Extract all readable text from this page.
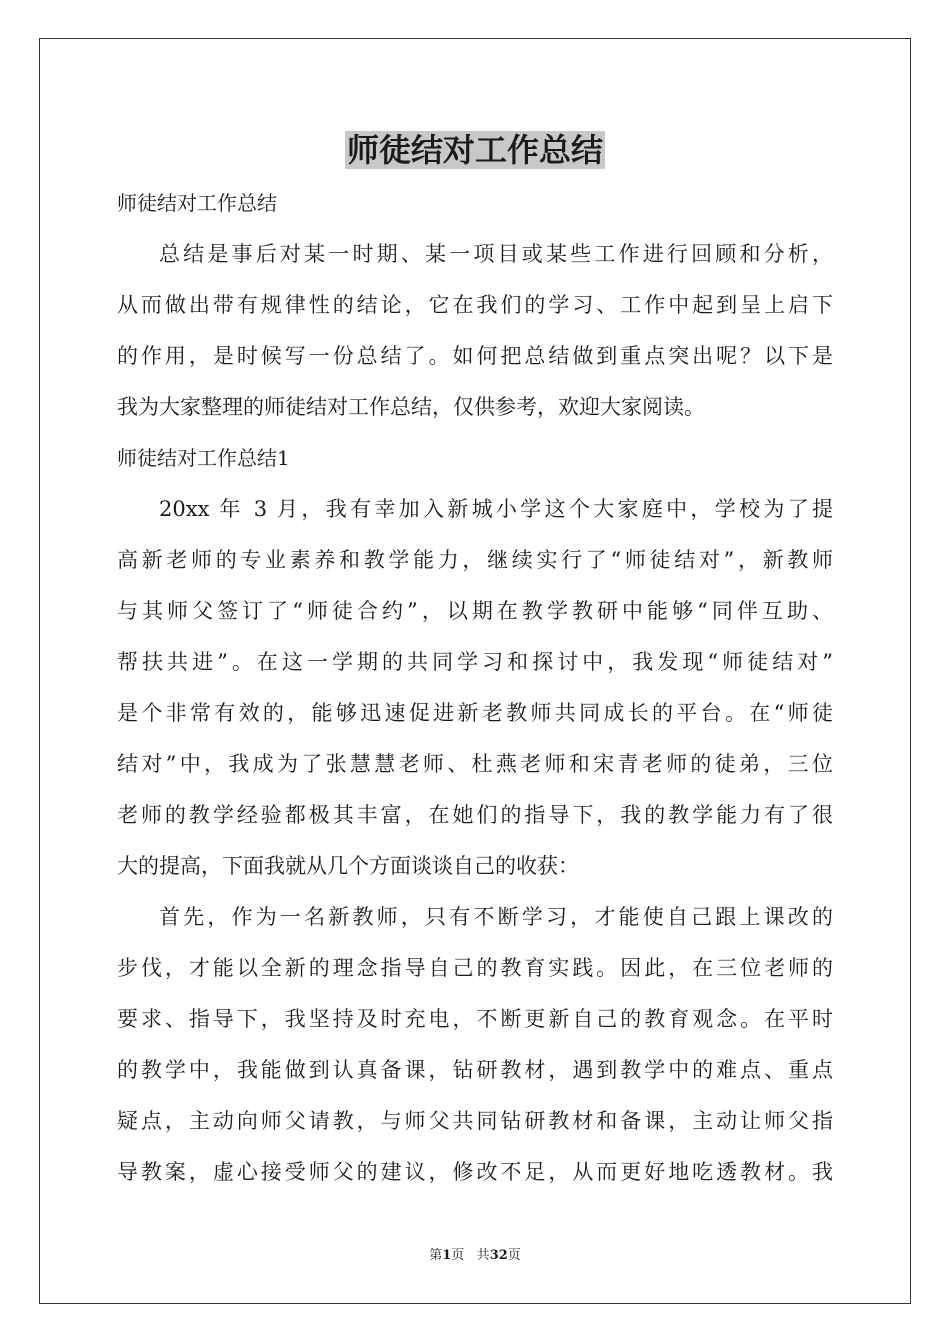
师徒结对工作总结
师徒结对工作总结
总结是事后对某一时期、某一项目或某些工作进行回顾和分析，
从而做出带有规律性的结论，它在我们的学习、工作中起到呈上启下
的作用，是时候写一份总结了。如何把总结做到重点突出呢？以下是
我为大家整理的师徒结对工作总结，仅供参考，欢迎大家阅读。
师徒结对工作总结1
20xx 年 3 月，我有幸加入新城小学这个大家庭中，学校为了提
高新老师的专业素养和教学能力，继续实行了“师徒结对”，新教师
与其师父签订了“师徒合约”，以期在教学教研中能够“同伴互助、
帮扶共进”。在这一学期的共同学习和探讨中，我发现“师徒结对”
是个非常有效的，能够迅速促进新老教师共同成长的平台。在“师徒
结对”中，我成为了张慧慧老师、杜燕老师和宋青老师的徒弟，三位
老师的教学经验都极其丰富，在她们的指导下，我的教学能力有了很
大的提高，下面我就从几个方面谈谈自己的收获：
首先，作为一名新教师，只有不断学习，才能使自己跟上课改的
步伐，才能以全新的理念指导自己的教育实践。因此，在三位老师的
要求、指导下，我坚持及时充电，不断更新自己的教育观念。在平时
的教学中，我能做到认真备课，钻研教材，遇到教学中的难点、重点
疑点，主动向师父请教，与师父共同钻研教材和备课，主动让师父指
导教案，虚心接受师父的建议，修改不足，从而更好地吃透教材。我
第1页 共32页
